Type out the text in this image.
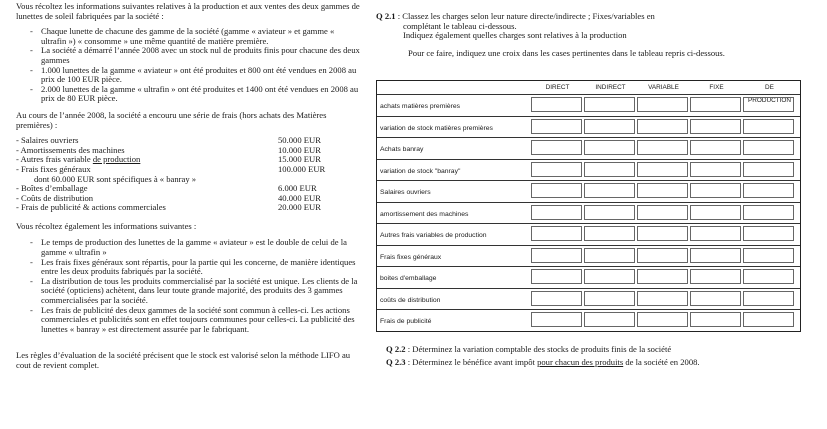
Vous récoltez les informations suivantes relatives à la production et aux ventes des deux gammes de lunettes de soleil fabriquées par la société :

- Chaque lunette de chacune des gamme de la société (gamme « aviateur » et gamme « ultrafin ») « consomme » une même quantité de matière première.
- La société a démarré l’année 2008 avec un stock nul de produits finis pour chacune des deux gammes
- 1.000 lunettes de la gamme « aviateur » ont été produites et 800 ont été vendues en 2008 au prix de 100 EUR pièce.
- 2.000 lunettes de la gamme « ultrafin » ont été produites et 1400 ont été vendues en 2008 au prix de 80 EUR pièce.

Au cours de l’année 2008, la société a encouru une série de frais (hors achats des Matières premières) :

- Salaires ouvriers	50.000 EUR
- Amortissements des machines	10.000 EUR
- Autres frais variable de production	15.000 EUR
- Frais fixes généraux	100.000 EUR
dont 60.000 EUR sont spécifiques à « banray »
- Boîtes d’emballage	6.000 EUR
- Coûts de distribution	40.000 EUR
- Frais de publicité & actions commerciales	20.000 EUR

Vous récoltez également les informations suivantes :

- Le temps de production des lunettes de la gamme « aviateur » est le double de celui de la gamme « ultrafin »
- Les frais fixes généraux sont répartis, pour la partie qui les concerne, de manière identiques entre les deux produits fabriqués par la société.
- La distribution de tous les produits commercialisé par la société est unique. Les clients de la société (opticiens) achètent, dans leur toute grande majorité, des produits des 3 gammes commercialisées par la société.
- Les frais de publicité des deux gammes de la société sont commun à celles-ci. Les actions commerciales et publicités sont en effet toujours communes pour celles-ci. La publicité des lunettes « banray » est directement assurée par le fabriquant.

Les règles d’évaluation de la société précisent que le stock est valorisé selon la méthode LIFO au cout de revient complet.

Q 2.1 : Classez les charges selon leur nature directe/indirecte ; Fixes/variables en

complétant le tableau ci-dessous.

Indiquez également quelles charges sont relatives à la production

Pour ce faire, indiquez une croix dans les cases pertinentes dans le tableau repris ci-dessous.

DIRECT	INDIRECT	VARIABLE	FIXE	DE PRODUCTION
achats matières premières
variation de stock matières premières
Achats banray
variation de stock "banray"
Salaires ouvriers
amortissement des machines
Autres frais variables de production
Frais fixes généraux
boites d'emballage
coûts de distribution
Frais de publicité
Q 2.2 : Déterminez la variation comptable des stocks de produits finis de la société
Q 2.3 : Déterminez le bénéfice avant impôt pour chacun des produits de la société en 2008.
